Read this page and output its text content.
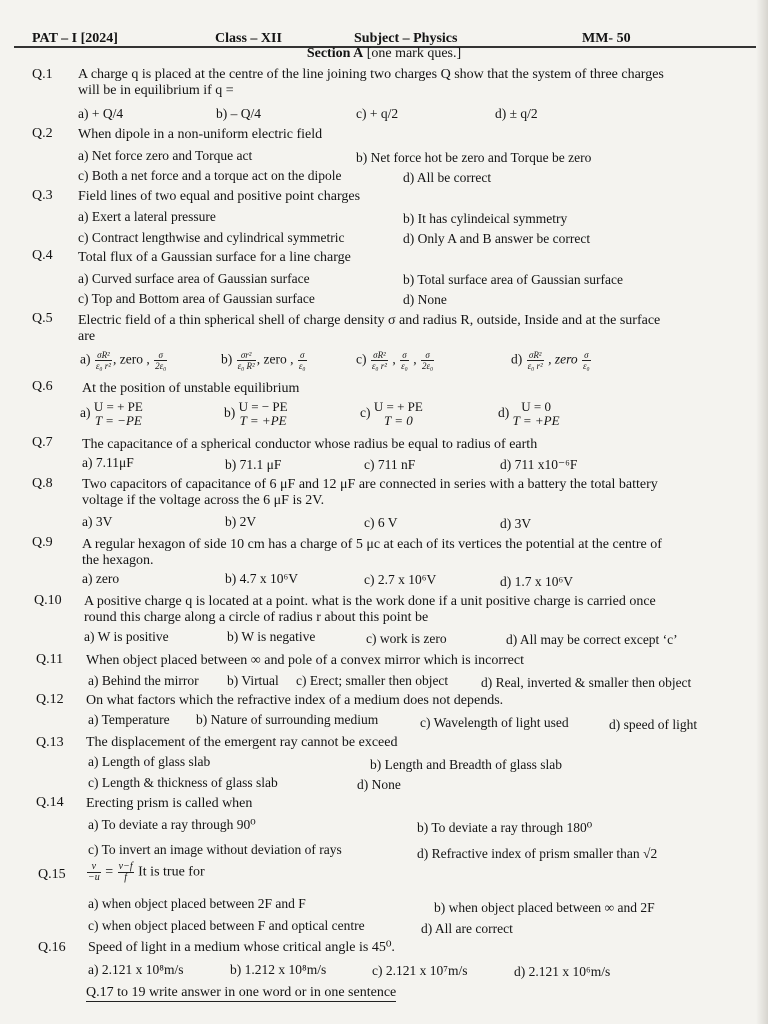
PAT – I [2024]	Class – XII	Subject – Physics	MM- 50
Section A [one mark ques.]
Q.1 A charge q is placed at the centre of the line joining two charges Q show that the system of three charges
will be in equilibrium if q =
a) + Q/4	b) – Q/4	c) + q/2	d) ± q/2
Q.2 When dipole in a non-uniform electric field
a) Net force zero and Torque act	b) Net force hot be zero and Torque be zero
c) Both a net force and a torque act on the dipole	d) All be correct
Q.3 Field lines of two equal and positive point charges
a) Exert a lateral pressure	b) It has cylindeical symmetry
c) Contract lengthwise and cylindrical symmetric	d) Only A and B answer be correct
Q.4 Total flux of a Gaussian surface for a line charge
a) Curved surface area of Gaussian surface	b) Total surface area of Gaussian surface
c) Top and Bottom area of Gaussian surface	d) None
Q.5 Electric field of a thin spherical shell of charge density σ and radius R, outside, Inside and at the surface
are
$a) \frac{\text{σR²}}{\text{ε₀ r²}}$ , zero , $\frac{\sigma}{\text{2ε₀}}$	$b) \frac{\text{σr²}}{\text{ε₀ R²}}$ , zero , $\frac{\sigma}{\text{ε₀}}$	$c) \frac{\text{σR²}}{\text{ε₀ r²}}$ , $\frac{\sigma}{\text{ε₀}}$ , $\frac{\sigma}{\text{2ε₀}}$	$d) \frac{\text{σR²}}{\text{ε₀ r²}}$ , zero $\frac{\sigma}{\text{ε₀}}$
Q.6 At the position of unstable equilibrium
a) U = + PE
T = −PE
b) U = − PE
T = +PE
c) U = + PE
T = 0
d) U = 0
T = +PE
Q.7 The capacitance of a spherical conductor whose radius be equal to radius of earth
a) 7.11μF	b) 71.1 μF	c) 711 nF	d) 711 x10⁻⁶F
Q.8 Two capacitors of capacitance of 6 μF and 12 μF are connected in series with a battery the total battery
voltage if the voltage across the 6 μF is 2V.
a) 3V	b) 2V	c) 6 V	d) 3V
Q.9 A regular hexagon of side 10 cm has a charge of 5 μc at each of its vertices the potential at the centre of
the hexagon.
a) zero	b) 4.7 x 10⁶V	c) 2.7 x 10⁶V	d) 1.7 x 10⁶V
Q.10 A positive charge q is located at a point. what is the work done if a unit positive charge is carried once
round this charge along a circle of radius r about this point be
a) W is positive	b) W is negative	c) work is zero	d) All may be correct except ‘c’
Q.11 When object placed between ∞ and pole of a convex mirror which is incorrect
a) Behind the mirror b) Virtual c) Erect; smaller then object d) Real, inverted & smaller then object
Q.12 On what factors which the refractive index of a medium does not depends.
a) Temperature b) Nature of surrounding medium	c) Wavelength of light used	d) speed of light
Q.13 The displacement of the emergent ray cannot be exceed
a) Length of glass slab	b) Length and Breadth of glass slab
c) Length & thickness of glass slab	d) None
Q.14 Erecting prism is called when
a) To deviate a ray through 90⁰	b) To deviate a ray through 180⁰
c) To invert an image without deviation of rays	d) Refractive index of prism smaller than √2
$Q.15 \frac{v}{-u} = \frac{v-f}{f}$ It is true for
a) when object placed between 2F and F	b) when object placed between ∞ and 2F
c) when object placed between F and optical centre	d) All are correct
Q.16 Speed of light in a medium whose critical angle is 45⁰.
a) 2.121 x 10⁸m/s	b) 1.212 x 10⁸m/s	c) 2.121 x 10⁷m/s	d) 2.121 x 10⁶m/s
Q.17 to 19 write answer in one word or in one sentence
